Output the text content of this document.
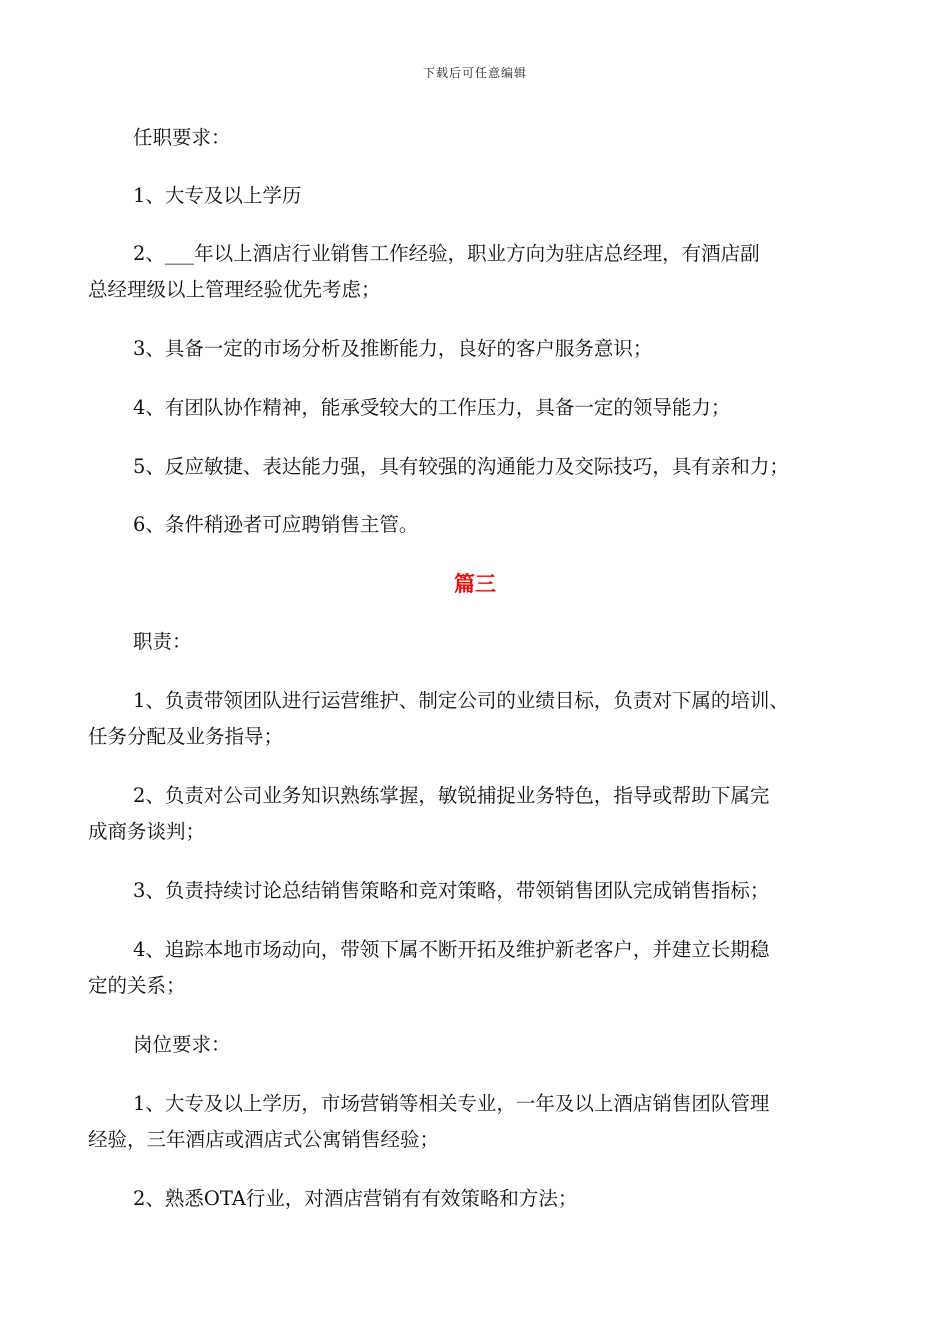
下载后可任意编辑
任职要求：
1、大专及以上学历
2、___年以上酒店行业销售工作经验，职业方向为驻店总经理，有酒店副
总经理级以上管理经验优先考虑；
3、具备一定的市场分析及推断能力，良好的客户服务意识；
4、有团队协作精神，能承受较大的工作压力，具备一定的领导能力；
5、反应敏捷、表达能力强，具有较强的沟通能力及交际技巧，具有亲和力；
6、条件稍逊者可应聘销售主管。
篇三
职责：
1、负责带领团队进行运营维护、制定公司的业绩目标，负责对下属的培训、
任务分配及业务指导；
2、负责对公司业务知识熟练掌握，敏锐捕捉业务特色，指导或帮助下属完
成商务谈判；
3、负责持续讨论总结销售策略和竞对策略，带领销售团队完成销售指标；
4、追踪本地市场动向，带领下属不断开拓及维护新老客户，并建立长期稳
定的关系；
岗位要求：
1、大专及以上学历，市场营销等相关专业，一年及以上酒店销售团队管理
经验，三年酒店或酒店式公寓销售经验；
2、熟悉OTA行业，对酒店营销有有效策略和方法；
